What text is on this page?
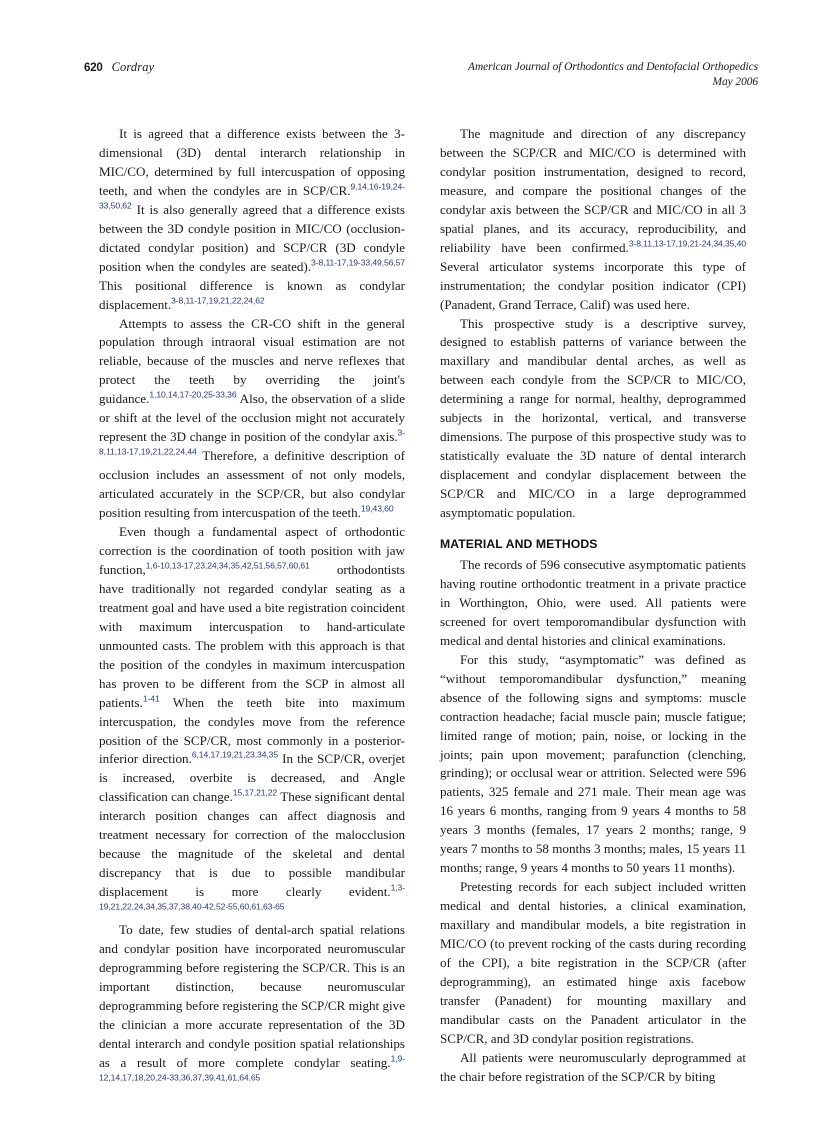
620 Cordray	American Journal of Orthodontics and Dentofacial Orthopedics
May 2006

It is agreed that a difference exists between the 3-dimensional (3D) dental interarch relationship in MIC/CO, determined by full intercuspation of opposing teeth, and when the condyles are in SCP/CR.$^{9,14,16-19,24-33,50,62}$ It is also generally agreed that a difference exists between the 3D condyle position in MIC/CO (occlusion-dictated condylar position) and SCP/CR (3D condyle position when the condyles are seated).$^{3-8,11-17,19-33,49,56,57}$ This positional difference is known as condylar displacement.$^{3-8,11-17,19,21,22,24,62}$

Attempts to assess the CR-CO shift in the general population through intraoral visual estimation are not reliable, because of the muscles and nerve reflexes that protect the teeth by overriding the joint's guidance.$^{1,10,14,17-20,25-33,36}$ Also, the observation of a slide or shift at the level of the occlusion might not accurately represent the 3D change in position of the condylar axis.$^{3-8,11,13-17,19,21,22,24,44}$ Therefore, a definitive description of occlusion includes an assessment of not only models, articulated accurately in the SCP/CR, but also condylar position resulting from intercuspation of the teeth.$^{19,43,60}$

Even though a fundamental aspect of orthodontic correction is the coordination of tooth position with jaw function,$^{1,6-10,13-17,23,24,34,35,42,51,56,57,60,61}$ orthodontists have traditionally not regarded condylar seating as a treatment goal and have used a bite registration coincident with maximum intercuspation to hand-articulate unmounted casts. The problem with this approach is that the position of the condyles in maximum intercuspation has proven to be different from the SCP in almost all patients.$^{1-41}$ When the teeth bite into maximum intercuspation, the condyles move from the reference position of the SCP/CR, most commonly in a posterior-inferior direction.$^{6,14,17,19,21,23,34,35}$ In the SCP/CR, overjet is increased, overbite is decreased, and Angle classification can change.$^{15,17,21,22}$ These significant dental interarch position changes can affect diagnosis and treatment necessary for correction of the malocclusion because the magnitude of the skeletal and dental discrepancy that is due to possible mandibular displacement is more clearly evident.$^{1,3-19,21,22,24,34,35,37,38,40-42,52-55,60,61,63-65}$

To date, few studies of dental-arch spatial relations and condylar position have incorporated neuromuscular deprogramming before registering the SCP/CR. This is an important distinction, because neuromuscular deprogramming before registering the SCP/CR might give the clinician a more accurate representation of the 3D dental interarch and condyle position spatial relationships as a result of more complete condylar seating.$^{1,9-12,14,17,18,20,24-33,36,37,39,41,61,64,65}$

The magnitude and direction of any discrepancy between the SCP/CR and MIC/CO is determined with condylar position instrumentation, designed to record, measure, and compare the positional changes of the condylar axis between the SCP/CR and MIC/CO in all 3 spatial planes, and its accuracy, reproducibility, and reliability have been confirmed.$^{3-8,11,13-17,19,21-24,34,35,40}$ Several articulator systems incorporate this type of instrumentation; the condylar position indicator (CPI) (Panadent, Grand Terrace, Calif) was used here.

This prospective study is a descriptive survey, designed to establish patterns of variance between the maxillary and mandibular dental arches, as well as between each condyle from the SCP/CR to MIC/CO, determining a range for normal, healthy, deprogrammed subjects in the horizontal, vertical, and transverse dimensions. The purpose of this prospective study was to statistically evaluate the 3D nature of dental interarch displacement and condylar displacement between the SCP/CR and MIC/CO in a large deprogrammed asymptomatic population.

MATERIAL AND METHODS

The records of 596 consecutive asymptomatic patients having routine orthodontic treatment in a private practice in Worthington, Ohio, were used. All patients were screened for overt temporomandibular dysfunction with medical and dental histories and clinical examinations.

For this study, “asymptomatic” was defined as “without temporomandibular dysfunction,” meaning absence of the following signs and symptoms: muscle contraction headache; facial muscle pain; muscle fatigue; limited range of motion; pain, noise, or locking in the joints; pain upon movement; parafunction (clenching, grinding); or occlusal wear or attrition. Selected were 596 patients, 325 female and 271 male. Their mean age was 16 years 6 months, ranging from 9 years 4 months to 58 years 3 months (females, 17 years 2 months; range, 9 years 7 months to 58 months 3 months; males, 15 years 11 months; range, 9 years 4 months to 50 years 11 months).

Pretesting records for each subject included written medical and dental histories, a clinical examination, maxillary and mandibular models, a bite registration in MIC/CO (to prevent rocking of the casts during recording of the CPI), a bite registration in the SCP/CR (after deprogramming), an estimated hinge axis facebow transfer (Panadent) for mounting maxillary and mandibular casts on the Panadent articulator in the SCP/CR, and 3D condylar position registrations.

All patients were neuromuscularly deprogrammed at the chair before registration of the SCP/CR by biting
